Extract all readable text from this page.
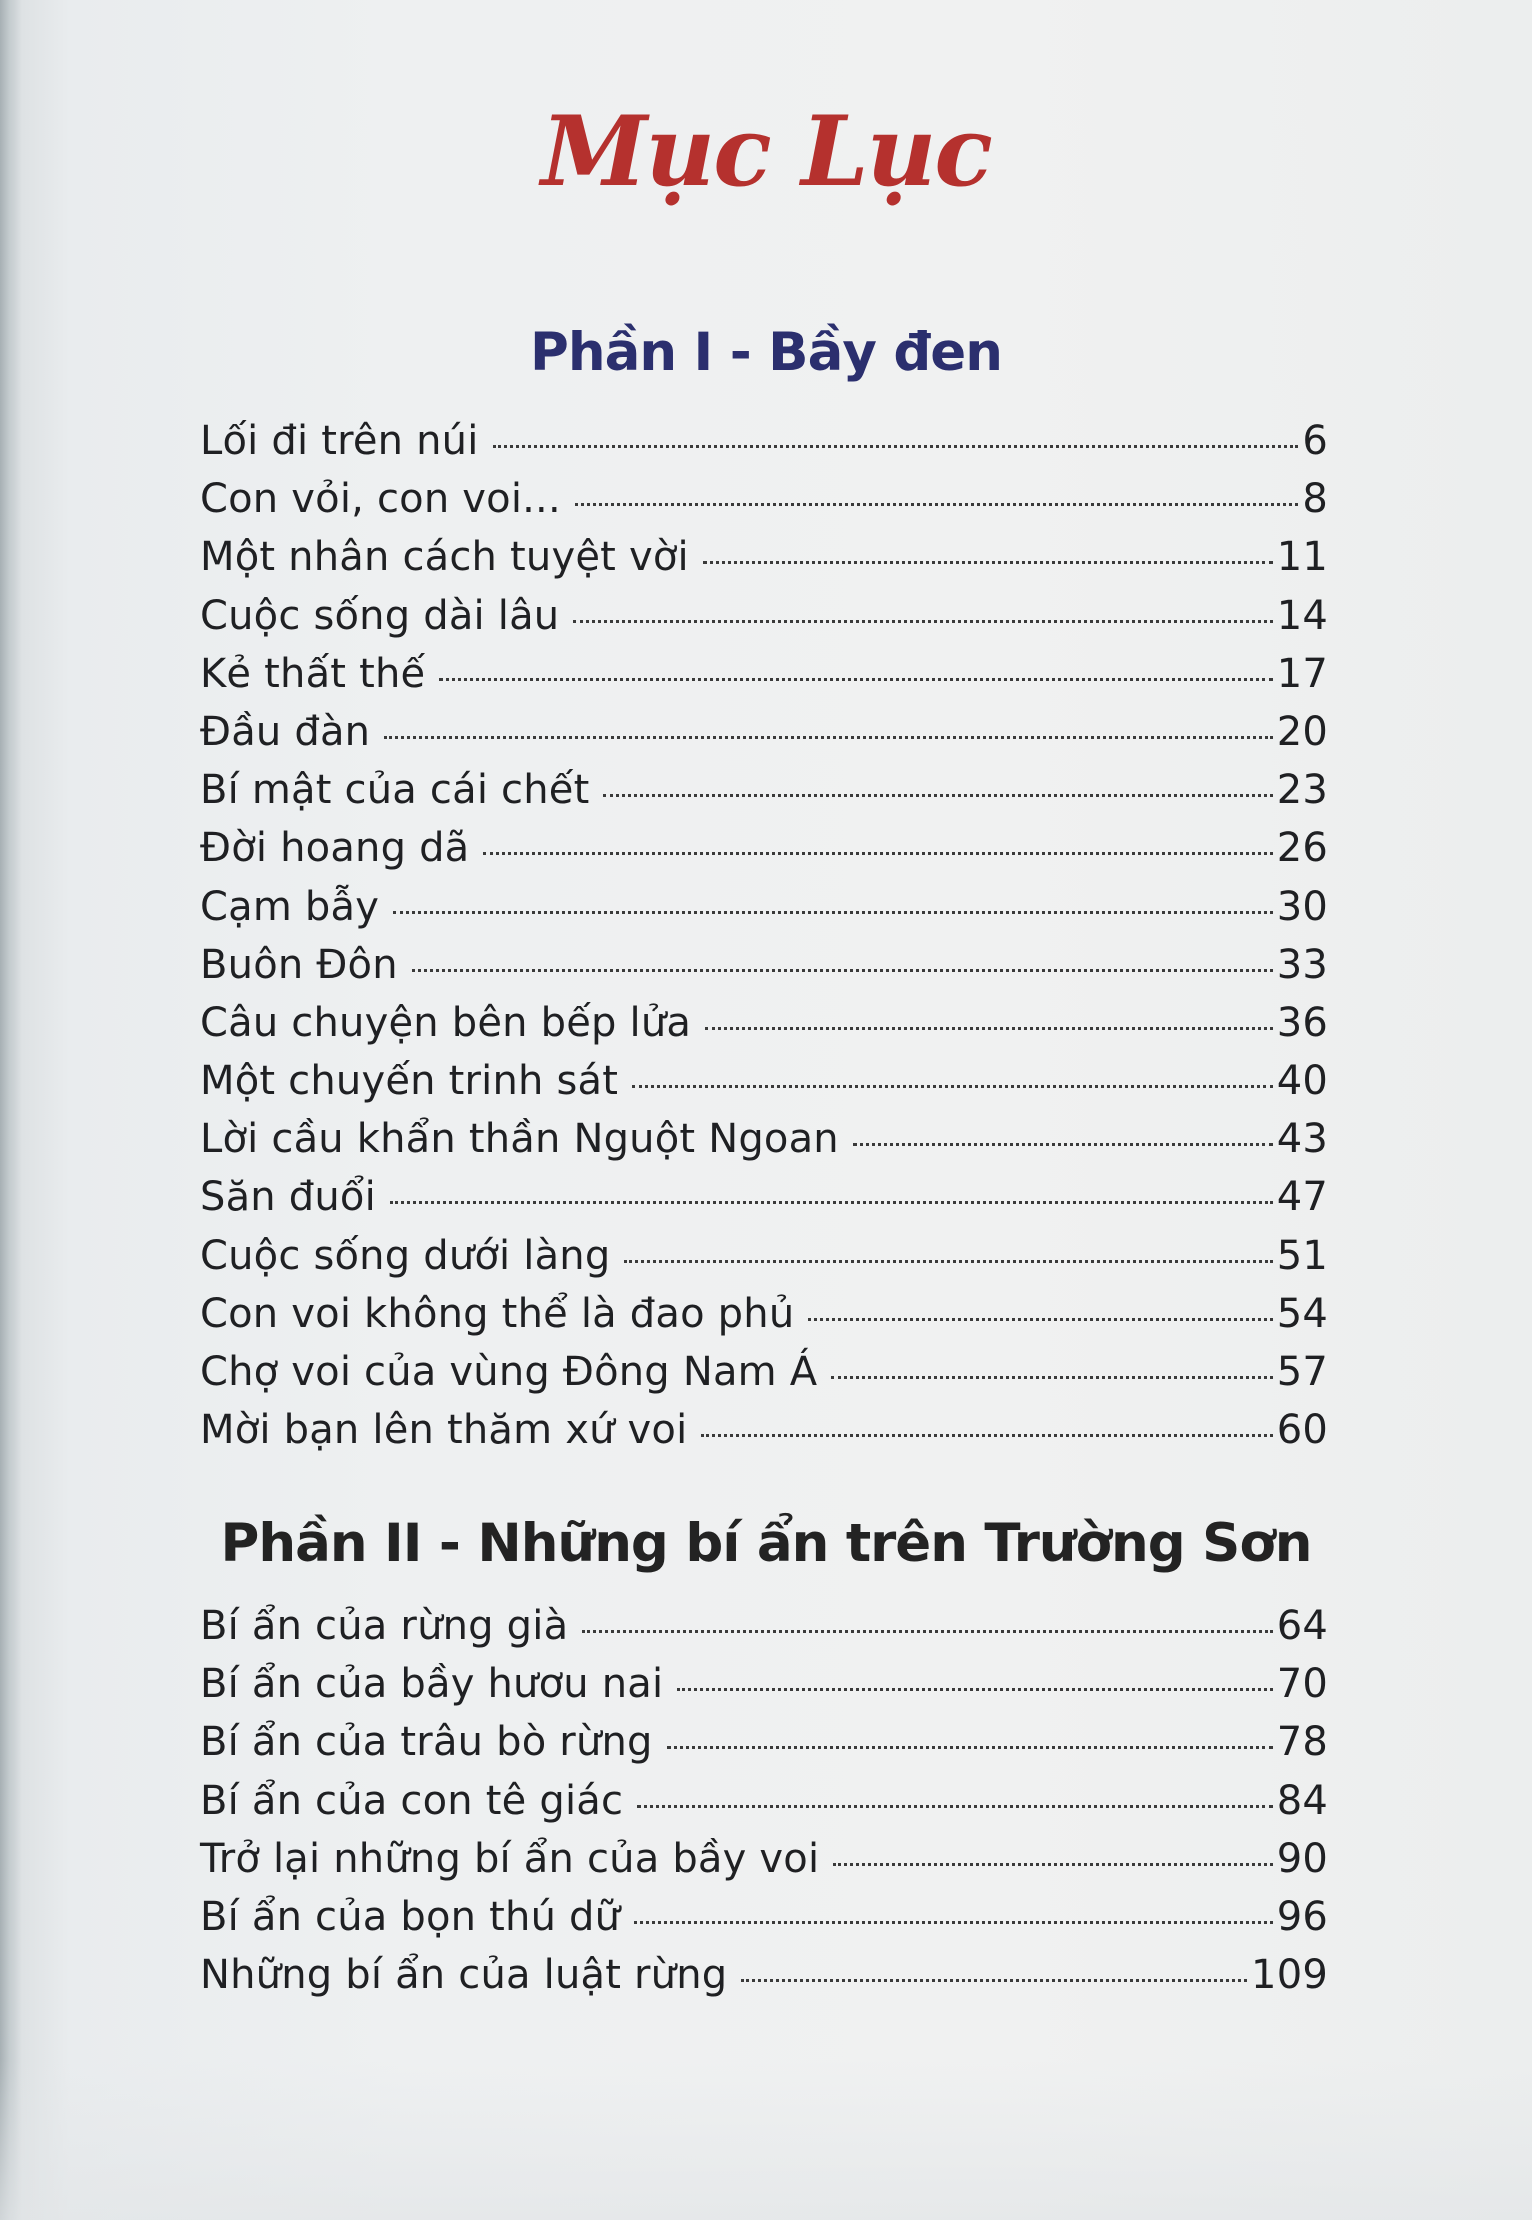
Mục Lục
Phần I - Bầy đen
Lối đi trên núi	6
Con vỏi, con voi...	8
Một nhân cách tuyệt vời	11
Cuộc sống dài lâu	14
Kẻ thất thế	17
Đầu đàn	20
Bí mật của cái chết	23
Đời hoang dã	26
Cạm bẫy	30
Buôn Đôn	33
Câu chuyện bên bếp lửa	36
Một chuyến trinh sát	40
Lời cầu khẩn thần Nguột Ngoan	43
Săn đuổi	47
Cuộc sống dưới làng	51
Con voi không thể là đao phủ	54
Chợ voi của vùng Đông Nam Á	57
Mời bạn lên thăm xứ voi	60
Phần II - Những bí ẩn trên Trường Sơn
Bí ẩn của rừng già	64
Bí ẩn của bầy hươu nai	70
Bí ẩn của trâu bò rừng	78
Bí ẩn của con tê giác	84
Trở lại những bí ẩn của bầy voi	90
Bí ẩn của bọn thú dữ	96
Những bí ẩn của luật rừng	109
